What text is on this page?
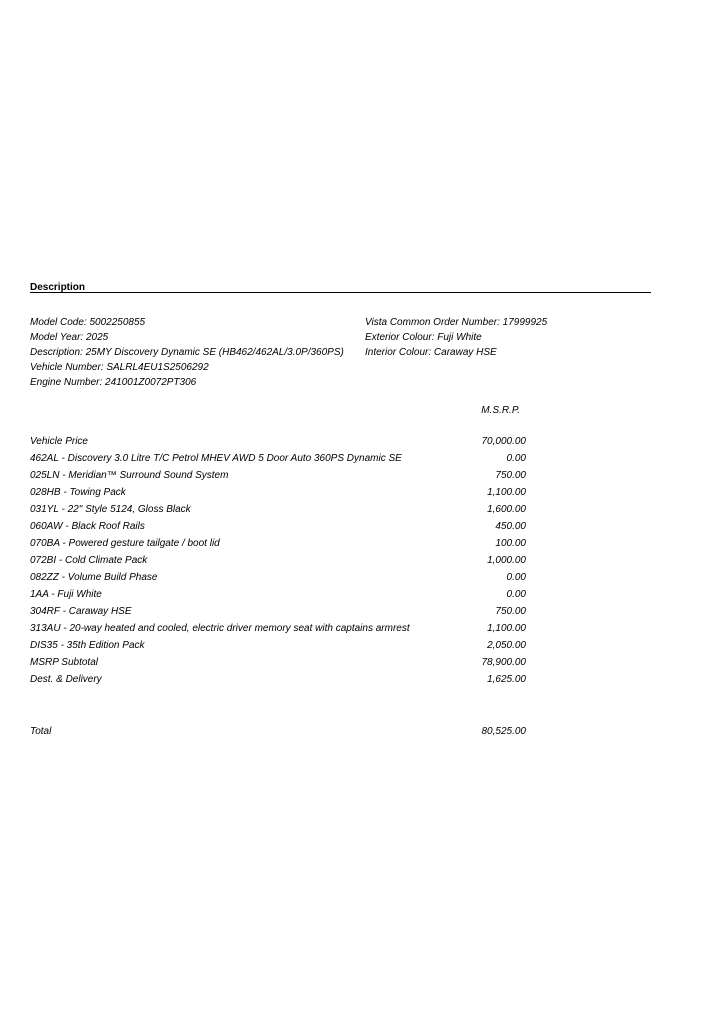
Description
Model Code: 5002250855
Model Year: 2025
Description: 25MY Discovery Dynamic SE (HB462/462AL/3.0P/360PS)
Vehicle Number: SALRL4EU1S2506292
Engine Number: 241001Z0072PT306
Vista Common Order Number: 17999925
Exterior Colour: Fuji White
Interior Colour: Caraway HSE
M.S.R.P.
Vehicle Price	70,000.00
462AL - Discovery 3.0 Litre T/C Petrol MHEV AWD 5 Door Auto 360PS Dynamic SE	0.00
025LN - Meridian™ Surround Sound System	750.00
028HB - Towing Pack	1,100.00
031YL - 22" Style 5124, Gloss Black	1,600.00
060AW - Black Roof Rails	450.00
070BA - Powered gesture tailgate / boot lid	100.00
072BI - Cold Climate Pack	1,000.00
082ZZ - Volume Build Phase	0.00
1AA - Fuji White	0.00
304RF - Caraway HSE	750.00
313AU - 20-way heated and cooled, electric driver memory seat with captains armrest	1,100.00
DIS35 - 35th Edition Pack	2,050.00
MSRP Subtotal	78,900.00
Dest. & Delivery	1,625.00
Total	80,525.00
